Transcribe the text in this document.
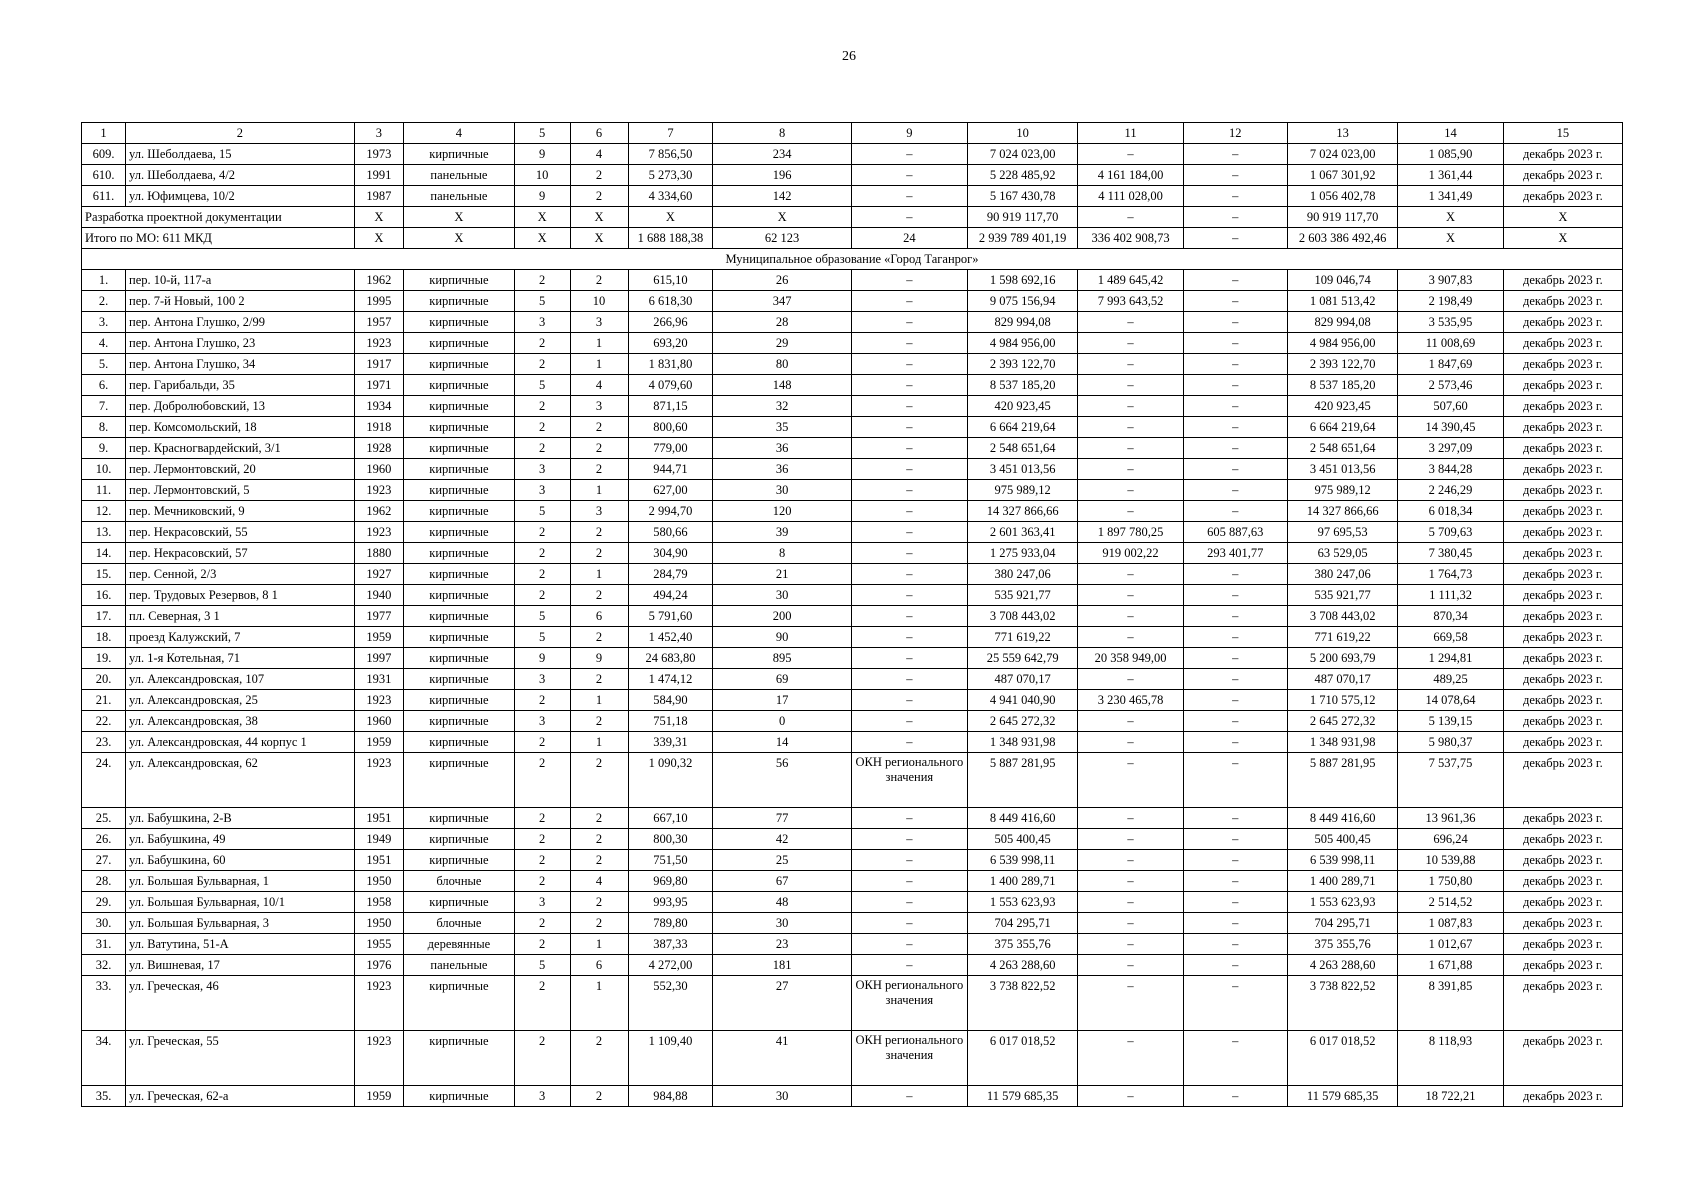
26
1	2	3	4	5	6	7	8	9	10	11	12	13	14	15
609.	ул. Шеболдаева, 15	1973	кирпичные	9	4	7 856,50	234	–	7 024 023,00	–	–	7 024 023,00	1 085,90	декабрь 2023 г.
610.	ул. Шеболдаева, 4/2	1991	панельные	10	2	5 273,30	196	–	5 228 485,92	4 161 184,00	–	1 067 301,92	1 361,44	декабрь 2023 г.
611.	ул. Юфимцева, 10/2	1987	панельные	9	2	4 334,60	142	–	5 167 430,78	4 111 028,00	–	1 056 402,78	1 341,49	декабрь 2023 г.
Разработка проектной документации		X	X	X	X	X	X	–	90 919 117,70	–	–	90 919 117,70	X	X
Итого по МО: 611 МКД		X	X	X	X	1 688 188,38	62 123	24	2 939 789 401,19	336 402 908,73	–	2 603 386 492,46	X	X
Муниципальное образование «Город Таганрог»														
1.	пер. 10-й, 117-а	1962	кирпичные	2	2	615,10	26	–	1 598 692,16	1 489 645,42	–	109 046,74	3 907,83	декабрь 2023 г.
2.	пер. 7-й Новый, 100 2	1995	кирпичные	5	10	6 618,30	347	–	9 075 156,94	7 993 643,52	–	1 081 513,42	2 198,49	декабрь 2023 г.
3.	пер. Антона Глушко, 2/99	1957	кирпичные	3	3	266,96	28	–	829 994,08	–	–	829 994,08	3 535,95	декабрь 2023 г.
4.	пер. Антона Глушко, 23	1923	кирпичные	2	1	693,20	29	–	4 984 956,00	–	–	4 984 956,00	11 008,69	декабрь 2023 г.
5.	пер. Антона Глушко, 34	1917	кирпичные	2	1	1 831,80	80	–	2 393 122,70	–	–	2 393 122,70	1 847,69	декабрь 2023 г.
6.	пер. Гарибальди, 35	1971	кирпичные	5	4	4 079,60	148	–	8 537 185,20	–	–	8 537 185,20	2 573,46	декабрь 2023 г.
7.	пер. Добролюбовский, 13	1934	кирпичные	2	3	871,15	32	–	420 923,45	–	–	420 923,45	507,60	декабрь 2023 г.
8.	пер. Комсомольский, 18	1918	кирпичные	2	2	800,60	35	–	6 664 219,64	–	–	6 664 219,64	14 390,45	декабрь 2023 г.
9.	пер. Красногвардейский, 3/1	1928	кирпичные	2	2	779,00	36	–	2 548 651,64	–	–	2 548 651,64	3 297,09	декабрь 2023 г.
10.	пер. Лермонтовский, 20	1960	кирпичные	3	2	944,71	36	–	3 451 013,56	–	–	3 451 013,56	3 844,28	декабрь 2023 г.
11.	пер. Лермонтовский, 5	1923	кирпичные	3	1	627,00	30	–	975 989,12	–	–	975 989,12	2 246,29	декабрь 2023 г.
12.	пер. Мечниковский, 9	1962	кирпичные	5	3	2 994,70	120	–	14 327 866,66	–	–	14 327 866,66	6 018,34	декабрь 2023 г.
13.	пер. Некрасовский, 55	1923	кирпичные	2	2	580,66	39	–	2 601 363,41	1 897 780,25	605 887,63	97 695,53	5 709,63	декабрь 2023 г.
14.	пер. Некрасовский, 57	1880	кирпичные	2	2	304,90	8	–	1 275 933,04	919 002,22	293 401,77	63 529,05	7 380,45	декабрь 2023 г.
15.	пер. Сенной, 2/3	1927	кирпичные	2	1	284,79	21	–	380 247,06	–	–	380 247,06	1 764,73	декабрь 2023 г.
16.	пер. Трудовых Резервов, 8 1	1940	кирпичные	2	2	494,24	30	–	535 921,77	–	–	535 921,77	1 111,32	декабрь 2023 г.
17.	пл. Северная, 3 1	1977	кирпичные	5	6	5 791,60	200	–	3 708 443,02	–	–	3 708 443,02	870,34	декабрь 2023 г.
18.	проезд Калужский, 7	1959	кирпичные	5	2	1 452,40	90	–	771 619,22	–	–	771 619,22	669,58	декабрь 2023 г.
19.	ул. 1-я Котельная, 71	1997	кирпичные	9	9	24 683,80	895	–	25 559 642,79	20 358 949,00	–	5 200 693,79	1 294,81	декабрь 2023 г.
20.	ул. Александровская, 107	1931	кирпичные	3	2	1 474,12	69	–	487 070,17	–	–	487 070,17	489,25	декабрь 2023 г.
21.	ул. Александровская, 25	1923	кирпичные	2	1	584,90	17	–	4 941 040,90	3 230 465,78	–	1 710 575,12	14 078,64	декабрь 2023 г.
22.	ул. Александровская, 38	1960	кирпичные	3	2	751,18	0	–	2 645 272,32	–	–	2 645 272,32	5 139,15	декабрь 2023 г.
23.	ул. Александровская, 44 корпус 1	1959	кирпичные	2	1	339,31	14	–	1 348 931,98	–	–	1 348 931,98	5 980,37	декабрь 2023 г.
24.	ул. Александровская, 62	1923	кирпичные	2	2	1 090,32	56	ОКН регионального значения	5 887 281,95	–	–	5 887 281,95	7 537,75	декабрь 2023 г.
25.	ул. Бабушкина, 2-В	1951	кирпичные	2	2	667,10	77	–	8 449 416,60	–	–	8 449 416,60	13 961,36	декабрь 2023 г.
26.	ул. Бабушкина, 49	1949	кирпичные	2	2	800,30	42	–	505 400,45	–	–	505 400,45	696,24	декабрь 2023 г.
27.	ул. Бабушкина, 60	1951	кирпичные	2	2	751,50	25	–	6 539 998,11	–	–	6 539 998,11	10 539,88	декабрь 2023 г.
28.	ул. Большая Бульварная, 1	1950	блочные	2	4	969,80	67	–	1 400 289,71	–	–	1 400 289,71	1 750,80	декабрь 2023 г.
29.	ул. Большая Бульварная, 10/1	1958	кирпичные	3	2	993,95	48	–	1 553 623,93	–	–	1 553 623,93	2 514,52	декабрь 2023 г.
30.	ул. Большая Бульварная, 3	1950	блочные	2	2	789,80	30	–	704 295,71	–	–	704 295,71	1 087,83	декабрь 2023 г.
31.	ул. Ватутина, 51-А	1955	деревянные	2	1	387,33	23	–	375 355,76	–	–	375 355,76	1 012,67	декабрь 2023 г.
32.	ул. Вишневая, 17	1976	панельные	5	6	4 272,00	181	–	4 263 288,60	–	–	4 263 288,60	1 671,88	декабрь 2023 г.
33.	ул. Греческая, 46	1923	кирпичные	2	1	552,30	27	ОКН регионального значения	3 738 822,52	–	–	3 738 822,52	8 391,85	декабрь 2023 г.
34.	ул. Греческая, 55	1923	кирпичные	2	2	1 109,40	41	ОКН регионального значения	6 017 018,52	–	–	6 017 018,52	8 118,93	декабрь 2023 г.
35.	ул. Греческая, 62-а	1959	кирпичные	3	2	984,88	30	–	11 579 685,35	–	–	11 579 685,35	18 722,21	декабрь 2023 г.
